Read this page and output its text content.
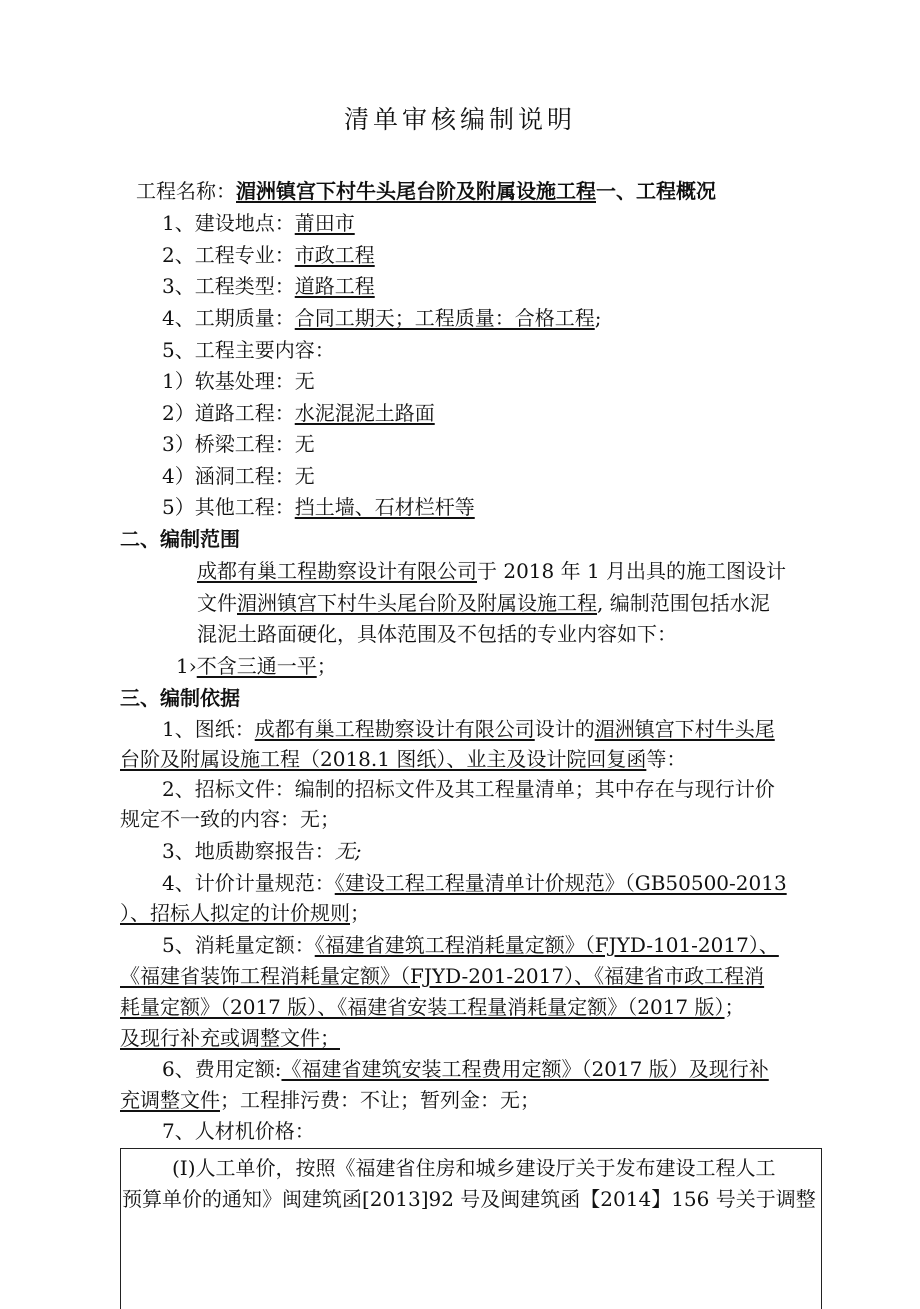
清单审核编制说明
工程名称：湄洲镇宫下村牛头尾台阶及附属设施工程一、工程概况
1、建设地点：莆田市
2、工程专业：市政工程
3、工程类型：道路工程
4、工期质量：合同工期天；工程质量：合格工程;
5、工程主要内容：
1）软基处理：无
2）道路工程：水泥混泥土路面
3）桥梁工程：无
4）涵洞工程：无
5）其他工程：挡土墙、石材栏杆等
二、编制范围
成都有巢工程勘察设计有限公司于 2018 年 1 月出具的施工图设计
文件湄洲镇宫下村牛头尾台阶及附属设施工程, 编制范围包括水泥
混泥土路面硬化，具体范围及不包括的专业内容如下：
1›不含三通一平；
三、编制依据
1、图纸：成都有巢工程勘察设计有限公司设计的湄洲镇宫下村牛头尾
台阶及附属设施工程（2018.1 图纸）、业主及设计院回复函等：
2、招标文件：编制的招标文件及其工程量清单；其中存在与现行计价
规定不一致的内容：无；
3、地质勘察报告：无;
4、计价计量规范：《建设工程工程量清单计价规范》（GB50500-2013
）、招标人拟定的计价规则；
5、消耗量定额：《福建省建筑工程消耗量定额》（FJYD-101-2017）、
《福建省装饰工程消耗量定额》（FJYD-201-2017）、《福建省市政工程消
耗量定额》（2017 版）、《福建省安装工程量消耗量定额》（2017 版）；
及现行补充或调整文件；
6、费用定额:《福建省建筑安装工程费用定额》（2017 版）及现行补
充调整文件；工程排污费：不让；暂列金：无；
7、人材机价格：
(I)人工单价，按照《福建省住房和城乡建设厅关于发布建设工程人工
预算单价的通知》闽建筑函[2013]92 号及闽建筑函【2014】156 号关于调整
